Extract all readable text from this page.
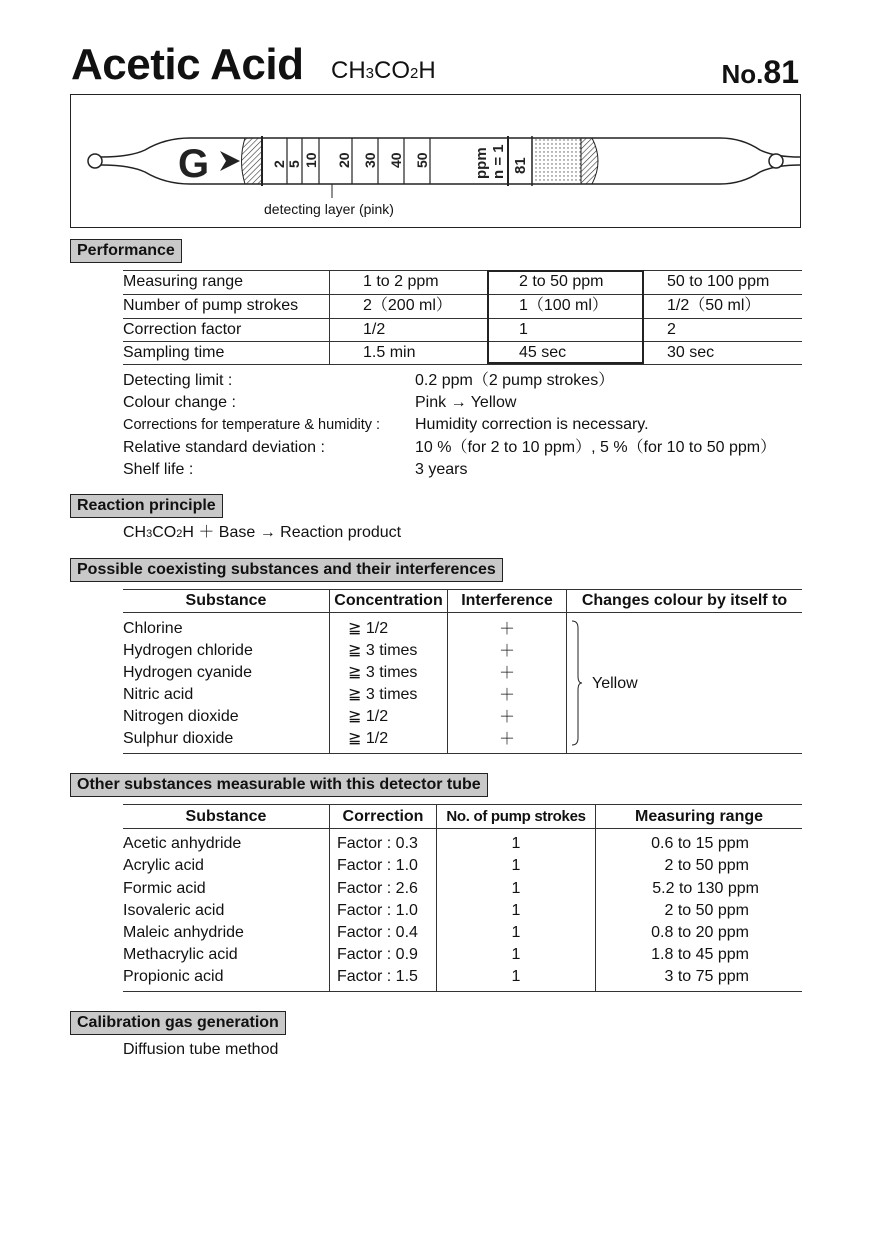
Acetic Acid CH3CO2H	No.81
G	2 5 10 20 30 40 50	ppm n = 1 81
detecting layer (pink)
Performance
Measuring range	1 to 2 ppm	2 to 50 ppm	50 to 100 ppm
Number of pump strokes	2（200 ml）	1（100 ml）	1/2（50 ml）
Correction factor	1/2	1	2
Sampling time	1.5 min	45 sec	30 sec
Detecting limit :	0.2 ppm（2 pump strokes）
Colour change :	Pink → Yellow
Corrections for temperature & humidity : Humidity correction is necessary.
Relative standard deviation :	10 %（for 2 to 10 ppm）, 5 %（for 10 to 50 ppm）
Shelf life :	3 years
Reaction principle
CH3CO2H ＋ Base → Reaction product
Possible coexisting substances and their interferences
Substance	Concentration	Interference	Changes colour by itself to
Chlorine	≧ 1/2	＋
Hydrogen chloride	≧ 3 times	＋
Hydrogen cyanide	≧ 3 times	＋
Nitric acid	≧ 3 times	＋
Nitrogen dioxide	≧ 1/2	＋
Sulphur dioxide	≧ 1/2	＋
Yellow
Other substances measurable with this detector tube
Substance	Correction	No. of pump strokes	Measuring range
Acetic anhydride	Factor : 0.3	1	0.6 to 15 ppm
Acrylic acid	Factor : 1.0	1	2 to 50 ppm
Formic acid	Factor : 2.6	1	5.2 to 130 ppm
Isovaleric acid	Factor : 1.0	1	2 to 50 ppm
Maleic anhydride	Factor : 0.4	1	0.8 to 20 ppm
Methacrylic acid	Factor : 0.9	1	1.8 to 45 ppm
Propionic acid	Factor : 1.5	1	3 to 75 ppm
Calibration gas generation
Diffusion tube method
